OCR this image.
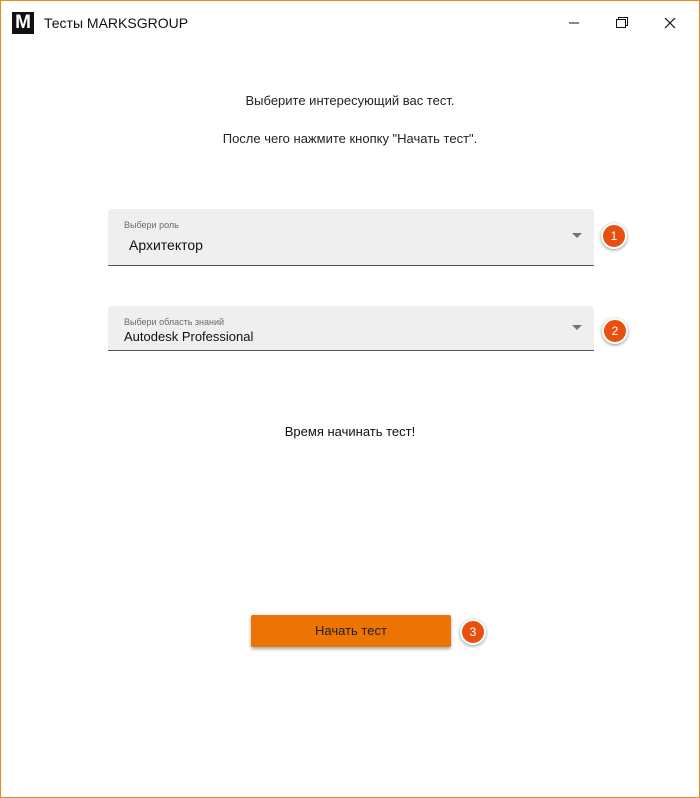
M Тесты MARKSGROUP
Выберите интересующий вас тест.
После чего нажмите кнопку "Начать тест".
Выбери роль
Архитектор
1
Выбери область знаний
Autodesk Professional	2
Время начинать тест!
Начать тест	3
